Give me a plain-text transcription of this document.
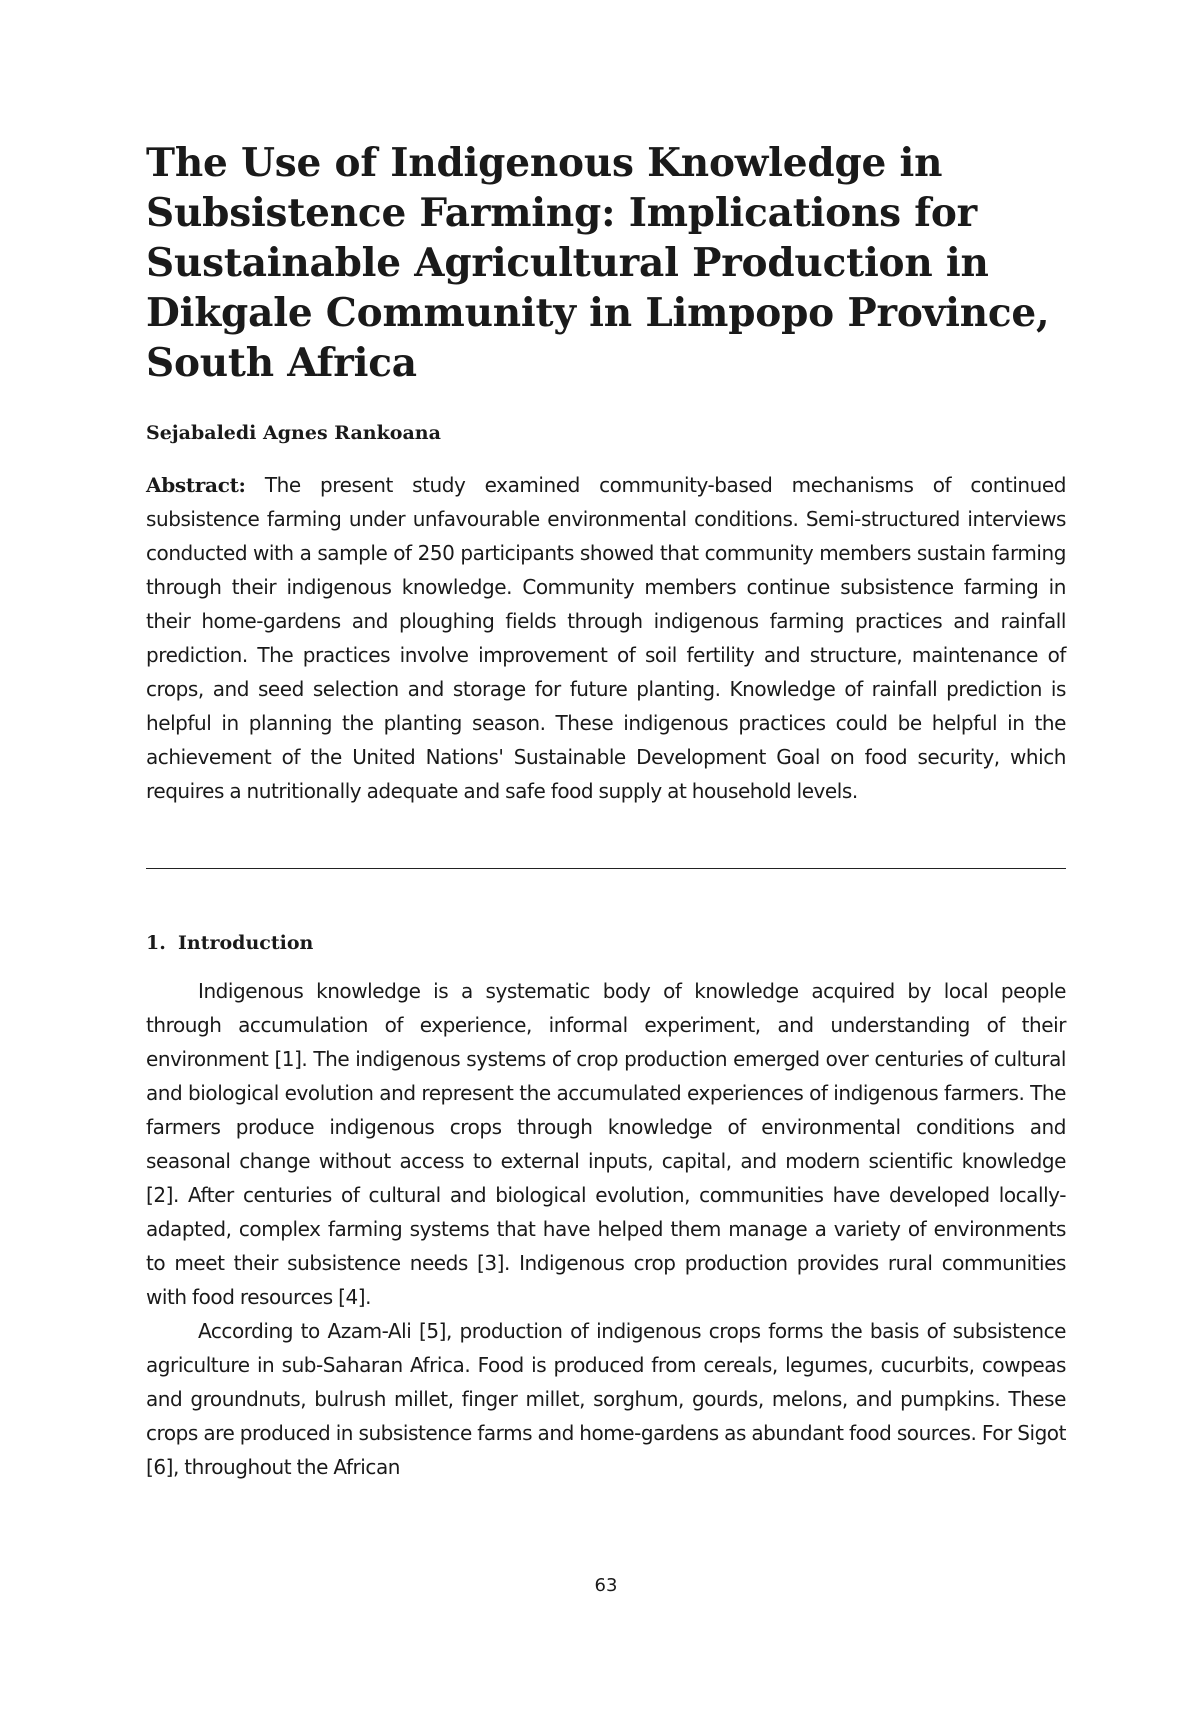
The Use of Indigenous Knowledge in Subsistence Farming: Implications for Sustainable Agricultural Production in Dikgale Community in Limpopo Province, South Africa

Sejabaledi Agnes Rankoana

Abstract: The present study examined community-based mechanisms of continued subsistence farming under unfavourable environmental conditions. Semi-structured interviews conducted with a sample of 250 participants showed that community members sustain farming through their indigenous knowledge. Community members continue subsistence farming in their home-gardens and ploughing fields through indigenous farming practices and rainfall prediction. The practices involve improvement of soil fertility and structure, maintenance of crops, and seed selection and storage for future planting. Knowledge of rainfall prediction is helpful in planning the planting season. These indigenous practices could be helpful in the achievement of the United Nations' Sustainable Development Goal on food security, which requires a nutritionally adequate and safe food supply at household levels.

1. Introduction

Indigenous knowledge is a systematic body of knowledge acquired by local people through accumulation of experience, informal experiment, and understanding of their environment [1]. The indigenous systems of crop production emerged over centuries of cultural and biological evolution and represent the accumulated experiences of indigenous farmers. The farmers produce indigenous crops through knowledge of environmental conditions and seasonal change without access to external inputs, capital, and modern scientific knowledge [2]. After centuries of cultural and biological evolution, communities have developed locally-adapted, complex farming systems that have helped them manage a variety of environments to meet their subsistence needs [3]. Indigenous crop production provides rural communities with food resources [4].

According to Azam-Ali [5], production of indigenous crops forms the basis of subsistence agriculture in sub-Saharan Africa. Food is produced from cereals, legumes, cucurbits, cowpeas and groundnuts, bulrush millet, finger millet, sorghum, gourds, melons, and pumpkins. These crops are produced in subsistence farms and home-gardens as abundant food sources. For Sigot [6], throughout the African

63
